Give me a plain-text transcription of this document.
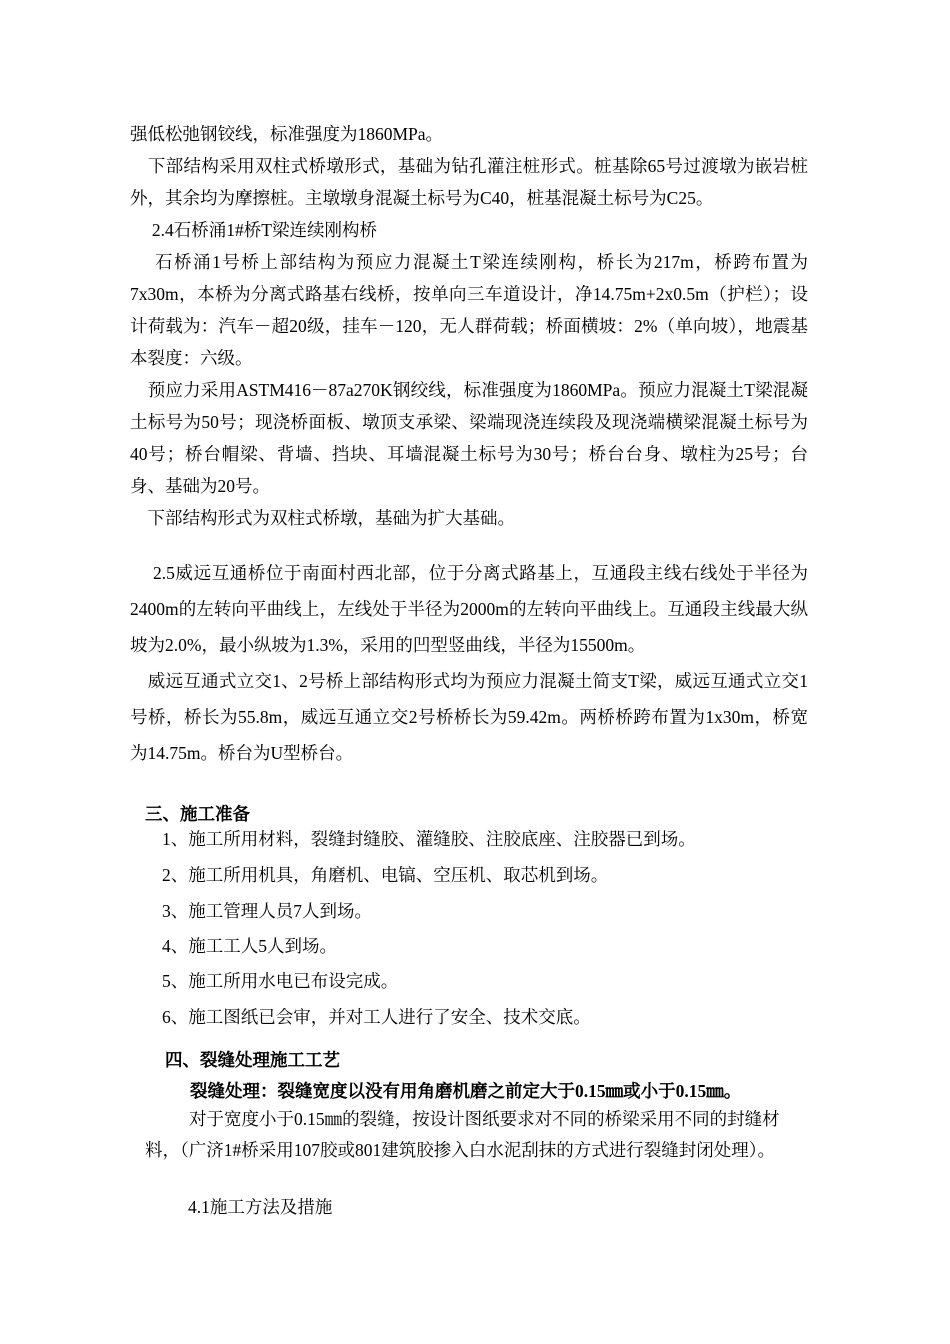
强低松弛钢铰线，标准强度为1860MPa。

　下部结构采用双柱式桥墩形式，基础为钻孔灌注桩形式。桩基除65号过渡墩为嵌岩桩外，其余均为摩擦桩。主墩墩身混凝土标号为C40，桩基混凝土标号为C25。

　 2.4石桥涌1#桥T梁连续刚构桥

　 石桥涌1号桥上部结构为预应力混凝土T梁连续刚构，桥长为217m，桥跨布置为7x30m，本桥为分离式路基右线桥，按单向三车道设计，净14.75m+2x0.5m（护栏）；设计荷载为：汽车－超20级，挂车－120，无人群荷载；桥面横坡：2%（单向坡），地震基本裂度：六级。

　预应力采用ASTM416－87a270K钢绞线，标准强度为1860MPa。预应力混凝土T梁混凝土标号为50号；现浇桥面板、墩顶支承梁、梁端现浇连续段及现浇端横梁混凝土标号为40号；桥台帽梁、背墙、挡块、耳墙混凝土标号为30号；桥台台身、墩柱为25号；台身、基础为20号。

　下部结构形式为双柱式桥墩，基础为扩大基础。

　 2.5威远互通桥位于南面村西北部，位于分离式路基上，互通段主线右线处于半径为2400m的左转向平曲线上，左线处于半径为2000m的左转向平曲线上。互通段主线最大纵坡为2.0%，最小纵坡为1.3%，采用的凹型竖曲线，半径为15500m。

　威远互通式立交1、2号桥上部结构形式均为预应力混凝土简支T梁，威远互通式立交1号桥，桥长为55.8m，威远互通立交2号桥桥长为59.42m。两桥桥跨布置为1x30m，桥宽为14.75m。桥台为U型桥台。

三、施工准备
1、施工所用材料，裂缝封缝胶、灌缝胶、注胶底座、注胶器已到场。
2、施工所用机具，角磨机、电镐、空压机、取芯机到场。
3、施工管理人员7人到场。
4、施工工人5人到场。
5、施工所用水电已布设完成。
6、施工图纸已会审，并对工人进行了安全、技术交底。
四、裂缝处理施工工艺
裂缝处理：裂缝宽度以没有用角磨机磨之前定大于0.15㎜或小于0.15㎜。

对于宽度小于0.15㎜的裂缝，按设计图纸要求对不同的桥梁采用不同的封缝材料，（广济1#桥采用107胶或801建筑胶掺入白水泥刮抹的方式进行裂缝封闭处理）。

4.1施工方法及措施
